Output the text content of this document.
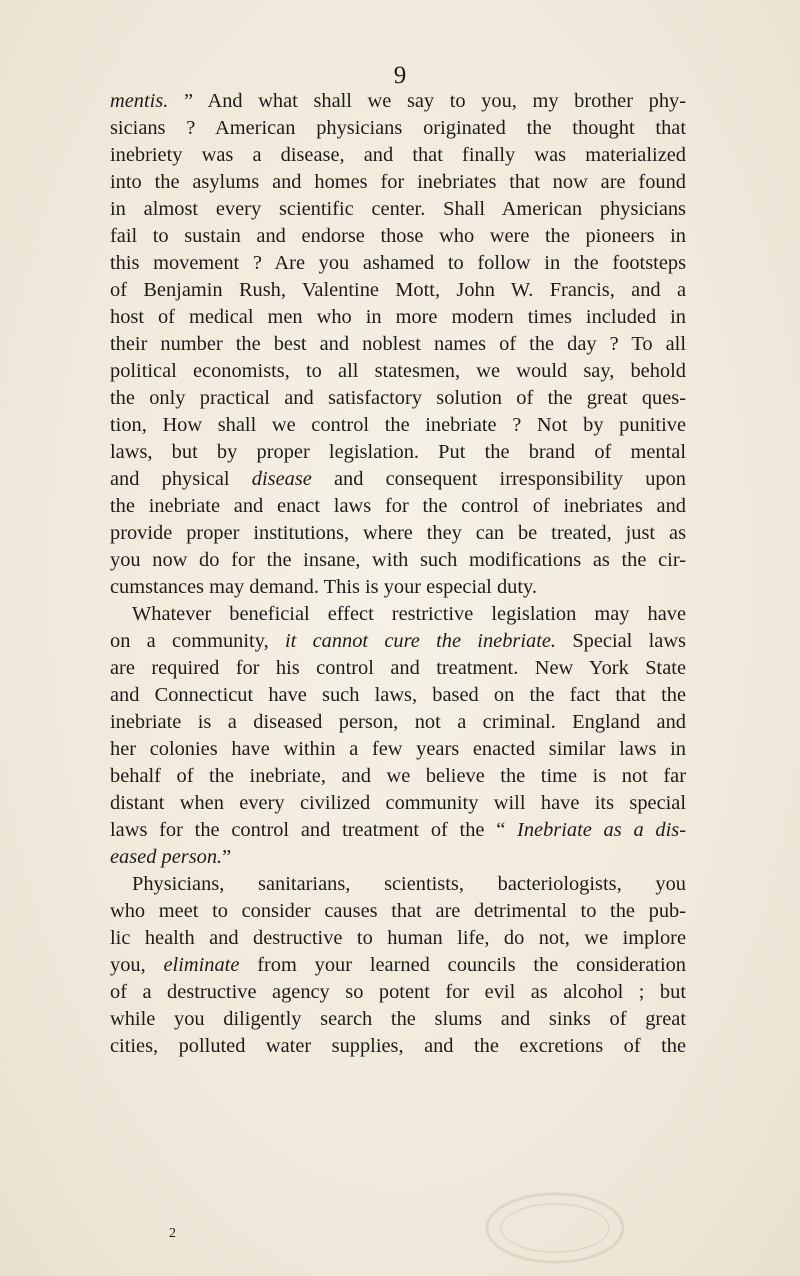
9
mentis. ” And what shall we say to you, my brother phy-
sicians ? American physicians originated the thought that
inebriety was a disease, and that finally was materialized
into the asylums and homes for inebriates that now are found
in almost every scientific center. Shall American physicians
fail to sustain and endorse those who were the pioneers in
this movement ? Are you ashamed to follow in the footsteps
of Benjamin Rush, Valentine Mott, John W. Francis, and a
host of medical men who in more modern times included in
their number the best and noblest names of the day ? To all
political economists, to all statesmen, we would say, behold
the only practical and satisfactory solution of the great ques-
tion, How shall we control the inebriate ? Not by punitive
laws, but by proper legislation. Put the brand of mental
and physical disease and consequent irresponsibility upon
the inebriate and enact laws for the control of inebriates and
provide proper institutions, where they can be treated, just as
you now do for the insane, with such modifications as the cir-
cumstances may demand. This is your especial duty.
Whatever beneficial effect restrictive legislation may have
on a community, it cannot cure the inebriate. Special laws
are required for his control and treatment. New York State
and Connecticut have such laws, based on the fact that the
inebriate is a diseased person, not a criminal. England and
her colonies have within a few years enacted similar laws in
behalf of the inebriate, and we believe the time is not far
distant when every civilized community will have its special
laws for the control and treatment of the “ Inebriate as a dis-
eased person.”
Physicians, sanitarians, scientists, bacteriologists, you
who meet to consider causes that are detrimental to the pub-
lic health and destructive to human life, do not, we implore
you, eliminate from your learned councils the consideration
of a destructive agency so potent for evil as alcohol ; but
while you diligently search the slums and sinks of great
cities, polluted water supplies, and the excretions of the
2
